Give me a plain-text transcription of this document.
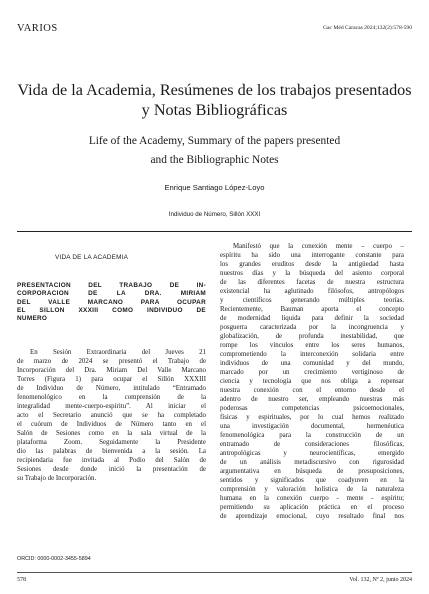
VARIOS	Gac Méd Caracas 2024;132(2):578-590
Vida de la Academia, Resúmenes de los trabajos presentados
y Notas Bibliográficas
Life of the Academy, Summary of the papers presented
and the Bibliographic Notes
Enrique Santiago López-Loyo
Individuo de Número, Sillón XXXI
VIDA DE LA ACADEMIA
PRESENTACIÓN DEL TRABAJO DE IN-
CORPORACIÓN DE LA DRA. MIRIAM
DEL VALLE MARCANO PARA OCUPAR
EL SILLÓN XXXIII COMO INDIVIDUO DE
NÚMERO
En Sesión Extraordinaria del Jueves 21
de marzo de 2024 se presentó el Trabajo de
Incorporación del Dra. Miriam Del Valle Marcano
Torres (Figura 1) para ocupar el Sillón XXXIII
de Individuo de Número, intitulado “Entramado
fenomenológico en la comprensión de la
integralidad mente-cuerpo-espíritu”. Al iniciar el
acto el Secretario anunció que se ha completado
el cuórum de Individuos de Número tanto en el
Salón de Sesiones como en la sala virtual de la
plataforma Zoom. Seguidamente la Presidente
dio las palabras de bienvenida a la sesión. La
recipiendaria fue invitada al Podio del Salón de
Sesiones desde donde inició la presentación de
su Trabajo de Incorporación.
ORCID: 0000-0002-3455-5894
Manifestó que la conexión mente – cuerpo –
espíritu ha sido una interrogante constante para
los grandes eruditos desde la antigüedad hasta
nuestros días y la búsqueda del asiento corporal
de las diferentes facetas de nuestra estructura
existencial ha aglutinado filósofos, antropólogos
y científicos generando múltiples teorías.
Recientemente, Bauman aporta el concepto
de modernidad líquida para definir la sociedad
posguerra caracterizada por la incongruencia y
globalización, de profunda inestabilidad, que
rompe los vínculos entre los seres humanos,
comprometiendo la interconexión solidaria entre
individuos de una comunidad y del mundo,
marcado por un crecimiento vertiginoso de
ciencia y tecnología que nos obliga a repensar
nuestra conexión con el entorno desde el
adentro de nuestro ser, empleando nuestras más
poderosas competencias psicoemocionales,
físicas y espirituales, por lo cual hemos realizado
una investigación documental, hermenéutica
fenomenológica para la construcción de un
entramado de consideraciones filosóficas,
antropológicas y neurocientíficas, emergido
de un análisis metadiscursivo con rigurosidad
argumentativa en búsqueda de presuposiciones,
sentidos y significados que coadyuven en la
comprensión y valoración holística de la naturaleza
humana en la conexión cuerpo - mente - espíritu;
permitiendo su aplicación práctica en el proceso
de aprendizaje emocional, cuyo resultado final nos
578	Vol. 132, Nº 2, junio 2024
